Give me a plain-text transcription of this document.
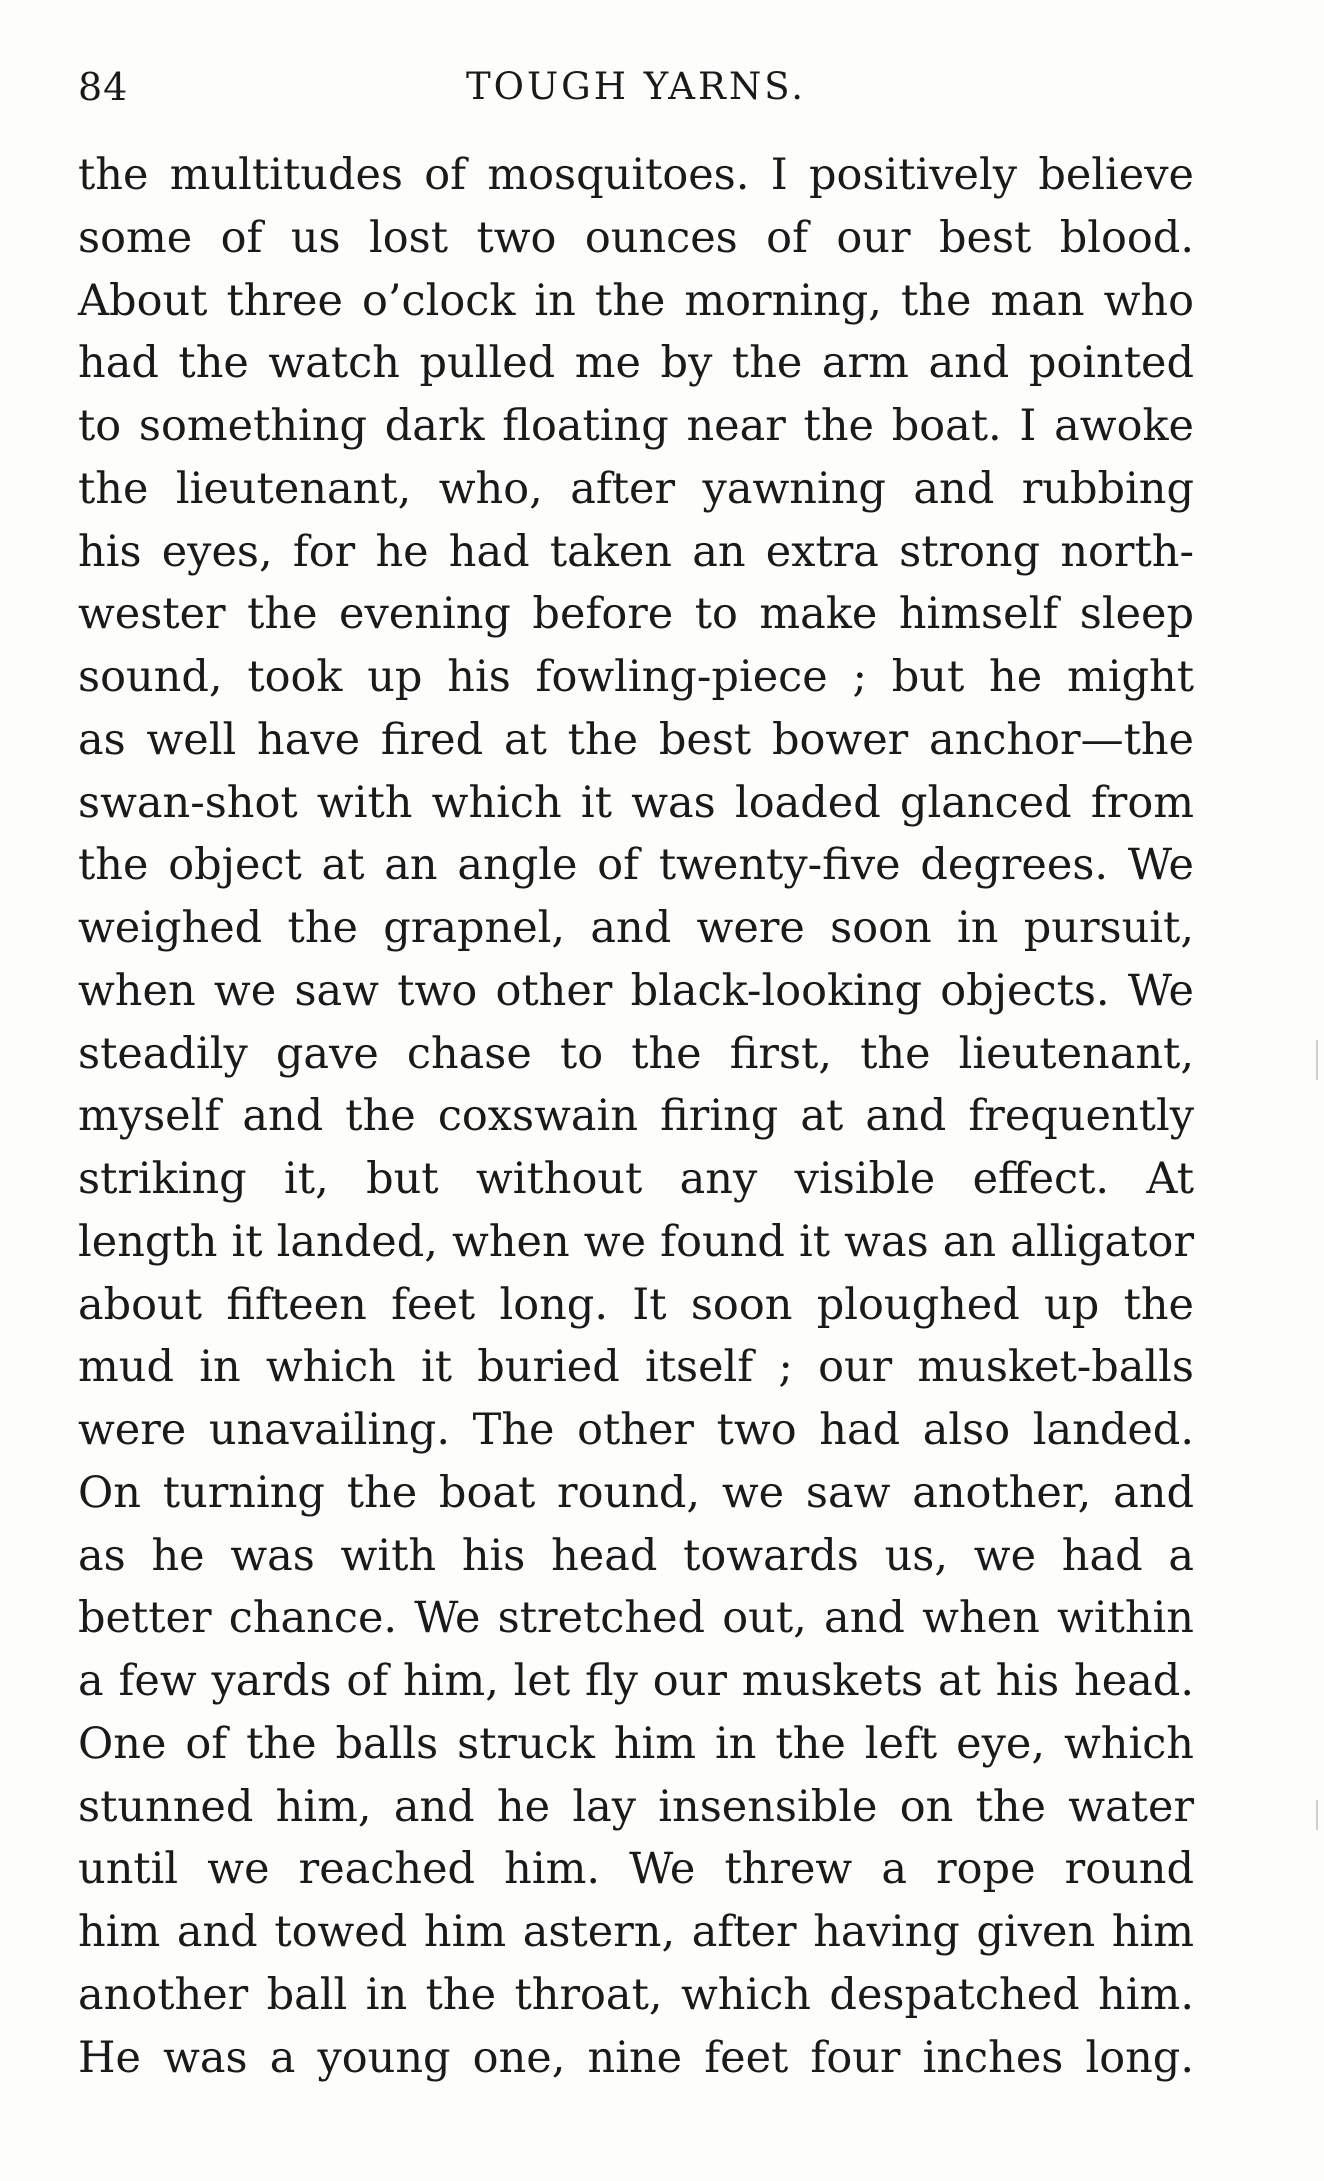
84	TOUGH YARNS.
the multitudes of mosquitoes. I positively believe
some of us lost two ounces of our best blood.
About three o’clock in the morning, the man who
had the watch pulled me by the arm and pointed
to something dark floating near the boat. I awoke
the lieutenant, who, after yawning and rubbing
his eyes, for he had taken an extra strong north-
wester the evening before to make himself sleep
sound, took up his fowling-piece ; but he might
as well have fired at the best bower anchor—the
swan-shot with which it was loaded glanced from
the object at an angle of twenty-five degrees. We
weighed the grapnel, and were soon in pursuit,
when we saw two other black-looking objects. We
steadily gave chase to the first, the lieutenant,
myself and the coxswain firing at and frequently
striking it, but without any visible effect. At
length it landed, when we found it was an alligator
about fifteen feet long. It soon ploughed up the
mud in which it buried itself ; our musket-balls
were unavailing. The other two had also landed.
On turning the boat round, we saw another, and
as he was with his head towards us, we had a
better chance. We stretched out, and when within
a few yards of him, let fly our muskets at his head.
One of the balls struck him in the left eye, which
stunned him, and he lay insensible on the water
until we reached him. We threw a rope round
him and towed him astern, after having given him
another ball in the throat, which despatched him.
He was a young one, nine feet four inches long.
